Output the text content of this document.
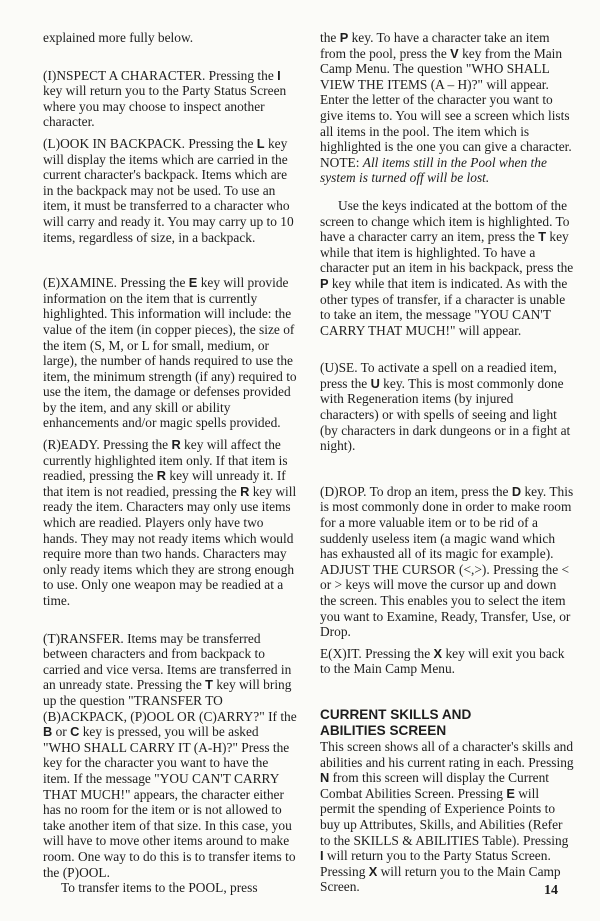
explained more fully below.

(I)NSPECT A CHARACTER. Pressing the I key will return you to the Party Status Screen where you may choose to inspect another character.

(L)OOK IN BACKPACK. Pressing the L key will display the items which are carried in the current character's backpack. Items which are in the backpack may not be used. To use an item, it must be transferred to a character who will carry and ready it. You may carry up to 10 items, regardless of size, in a backpack.

(E)XAMINE. Pressing the E key will provide information on the item that is currently highlighted. This information will include: the value of the item (in copper pieces), the size of the item (S, M, or L for small, medium, or large), the number of hands required to use the item, the minimum strength (if any) required to use the item, the damage or defenses provided by the item, and any skill or ability enhancements and/or magic spells provided.

(R)EADY. Pressing the R key will affect the currently highlighted item only. If that item is readied, pressing the R key will unready it. If that item is not readied, pressing the R key will ready the item. Characters may only use items which are readied. Players only have two hands. They may not ready items which would require more than two hands. Characters may only ready items which they are strong enough to use. Only one weapon may be readied at a time.

(T)RANSFER. Items may be transferred between characters and from backpack to carried and vice versa. Items are transferred in an unready state. Pressing the T key will bring up the question "TRANSFER TO (B)ACKPACK, (P)OOL OR (C)ARRY?" If the B or C key is pressed, you will be asked "WHO SHALL CARRY IT (A-H)?" Press the key for the character you want to have the item. If the message "YOU CAN'T CARRY THAT MUCH!" appears, the character either has no room for the item or is not allowed to take another item of that size. In this case, you will have to move other items around to make room. One way to do this is to transfer items to the (P)OOL.

To transfer items to the POOL, press

the P key. To have a character take an item from the pool, press the V key from the Main Camp Menu. The question "WHO SHALL VIEW THE ITEMS (A – H)?" will appear. Enter the letter of the character you want to give items to. You will see a screen which lists all items in the pool. The item which is highlighted is the one you can give a character. NOTE: All items still in the Pool when the system is turned off will be lost.

Use the keys indicated at the bottom of the screen to change which item is highlighted. To have a character carry an item, press the T key while that item is highlighted. To have a character put an item in his backpack, press the P key while that item is indicated. As with the other types of transfer, if a character is unable to take an item, the message "YOU CAN'T CARRY THAT MUCH!" will appear.

(U)SE. To activate a spell on a readied item, press the U key. This is most commonly done with Regeneration items (by injured characters) or with spells of seeing and light (by characters in dark dungeons or in a fight at night).

(D)ROP. To drop an item, press the D key. This is most commonly done in order to make room for a more valuable item or to be rid of a suddenly useless item (a magic wand which has exhausted all of its magic for example).

ADJUST THE CURSOR (<,>). Pressing the < or > keys will move the cursor up and down the screen. This enables you to select the item you want to Examine, Ready, Transfer, Use, or Drop.

E(X)IT. Pressing the X key will exit you back to the Main Camp Menu.

CURRENT SKILLS AND
ABILITIES SCREEN

This screen shows all of a character's skills and abilities and his current rating in each. Pressing N from this screen will display the Current Combat Abilities Screen. Pressing E will permit the spending of Experience Points to buy up Attributes, Skills, and Abilities (Refer to the SKILLS & ABILITIES Table). Pressing I will return you to the Party Status Screen. Pressing X will return you to the Main Camp Screen.	14
